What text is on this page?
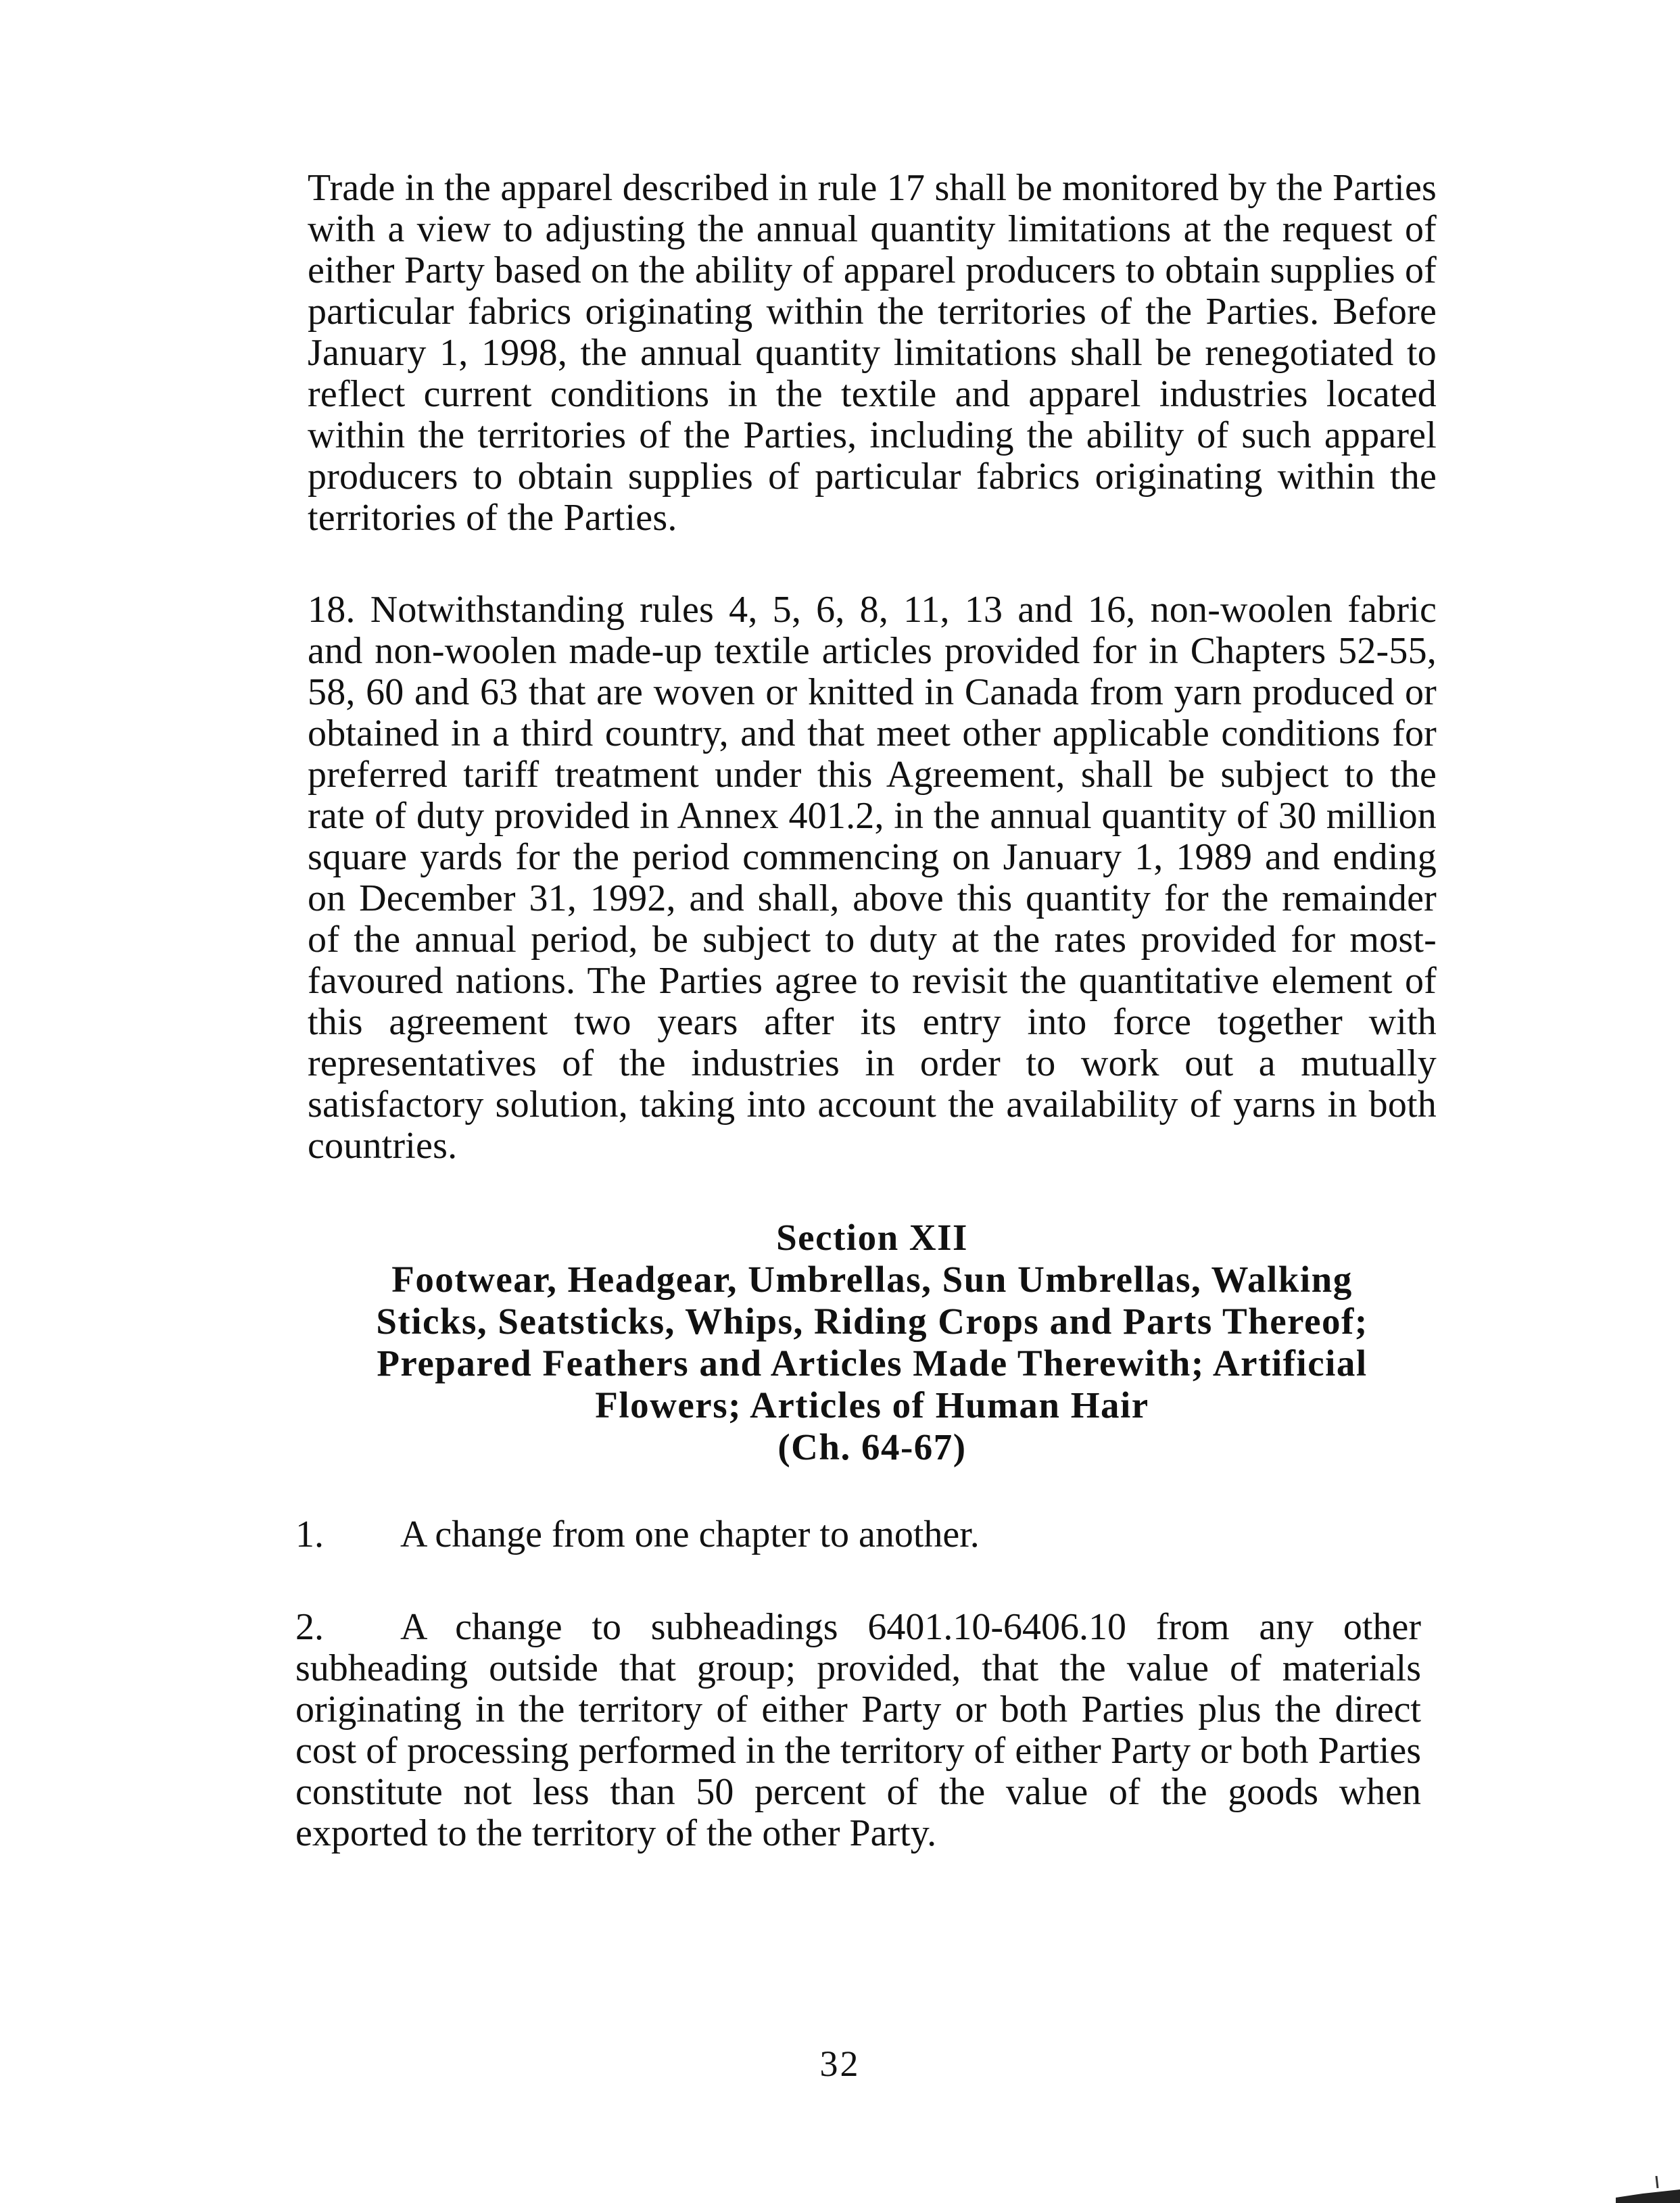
Trade in the apparel described in rule 17 shall be monitored by the Parties with a view to adjusting the annual quantity limitations at the request of either Party based on the ability of apparel producers to obtain supplies of particular fabrics originating within the territories of the Parties. Before January 1, 1998, the annual quantity limitations shall be renegotiated to reflect current conditions in the textile and apparel industries located within the territories of the Parties, including the ability of such apparel producers to obtain supplies of particular fabrics originating within the territories of the Parties.

18. Notwithstanding rules 4, 5, 6, 8, 11, 13 and 16, non-woolen fabric and non-woolen made-up textile articles provided for in Chapters 52-55, 58, 60 and 63 that are woven or knitted in Canada from yarn produced or obtained in a third country, and that meet other applicable conditions for preferred tariff treatment under this Agreement, shall be subject to the rate of duty provided in Annex 401.2, in the annual quantity of 30 million square yards for the period commencing on January 1, 1989 and ending on December 31, 1992, and shall, above this quantity for the remainder of the annual period, be subject to duty at the rates provided for most-favoured nations. The Parties agree to revisit the quantitative element of this agreement two years after its entry into force together with representatives of the industries in order to work out a mutually satisfactory solution, taking into account the availability of yarns in both countries.

Section XII
Footwear, Headgear, Umbrellas, Sun Umbrellas, Walking
Sticks, Seatsticks, Whips, Riding Crops and Parts Thereof;
Prepared Feathers and Articles Made Therewith; Artificial
Flowers; Articles of Human Hair
(Ch. 64-67)
1. A change from one chapter to another.
2. A change to subheadings 6401.10-6406.10 from any other subheading outside that group; provided, that the value of materials originating in the territory of either Party or both Parties plus the direct cost of processing performed in the territory of either Party or both Parties constitute not less than 50 percent of the value of the goods when exported to the territory of the other Party.
32
